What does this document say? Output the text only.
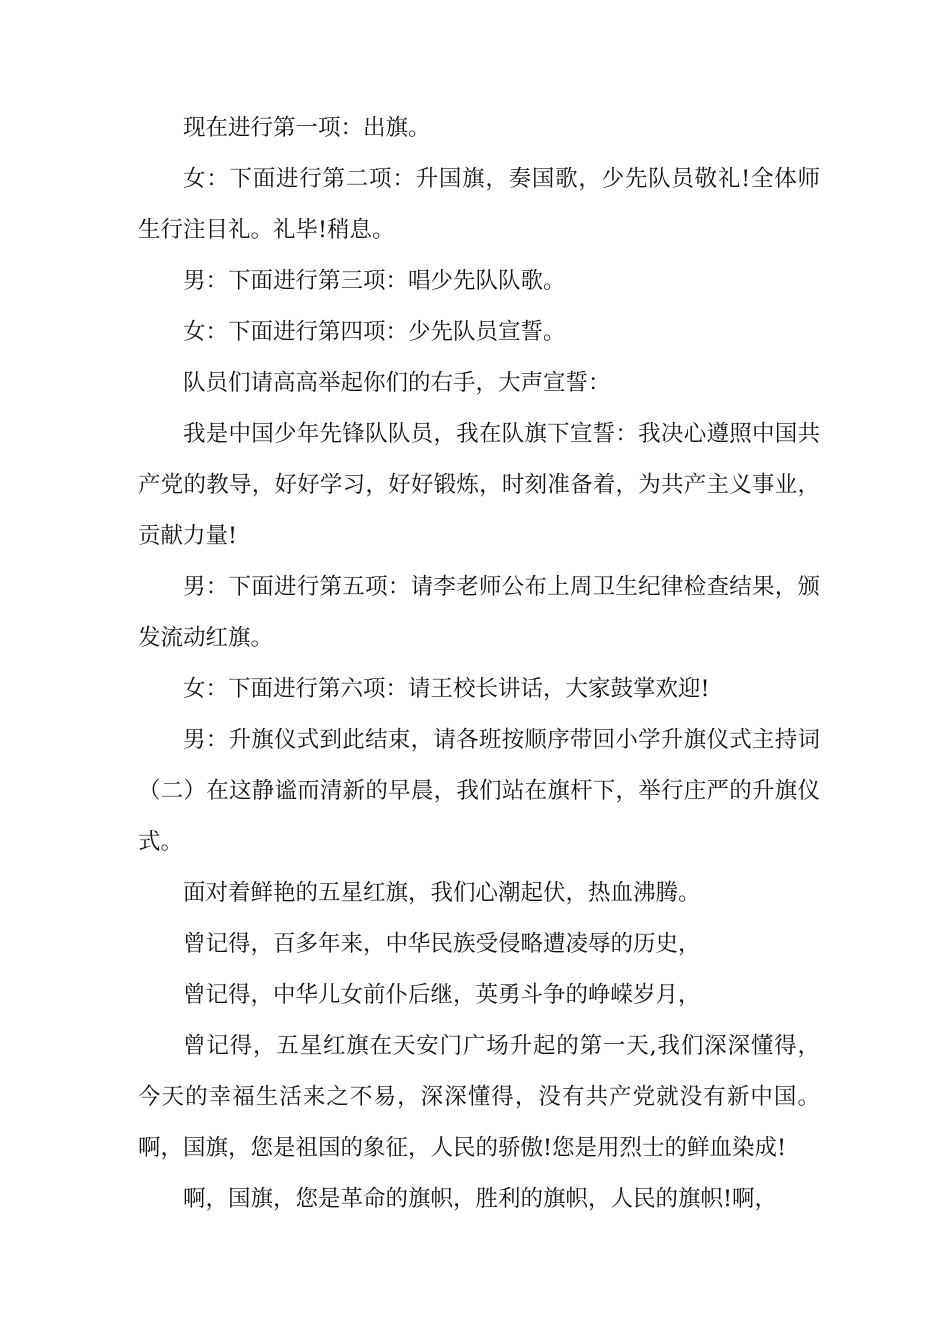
现在进行第一项：出旗。

女：下面进行第二项：升国旗，奏国歌，少先队员敬礼!全体师生行注目礼。礼毕!稍息。

男：下面进行第三项：唱少先队队歌。

女：下面进行第四项：少先队员宣誓。

队员们请高高举起你们的右手，大声宣誓：

我是中国少年先锋队队员，我在队旗下宣誓：我决心遵照中国共产党的教导，好好学习，好好锻炼，时刻准备着，为共产主义事业，贡献力量!

男：下面进行第五项：请李老师公布上周卫生纪律检查结果，颁发流动红旗。

女：下面进行第六项：请王校长讲话，大家鼓掌欢迎!

男：升旗仪式到此结束，请各班按顺序带回小学升旗仪式主持词（二）在这静谧而清新的早晨，我们站在旗杆下，举行庄严的升旗仪式。

面对着鲜艳的五星红旗，我们心潮起伏，热血沸腾。

曾记得，百多年来，中华民族受侵略遭凌辱的历史，

曾记得，中华儿女前仆后继，英勇斗争的峥嵘岁月，

曾记得，五星红旗在天安门广场升起的第一天,我们深深懂得，今天的幸福生活来之不易，深深懂得，没有共产党就没有新中国。啊，国旗，您是祖国的象征，人民的骄傲!您是用烈士的鲜血染成!

啊，国旗，您是革命的旗帜，胜利的旗帜，人民的旗帜!啊，
